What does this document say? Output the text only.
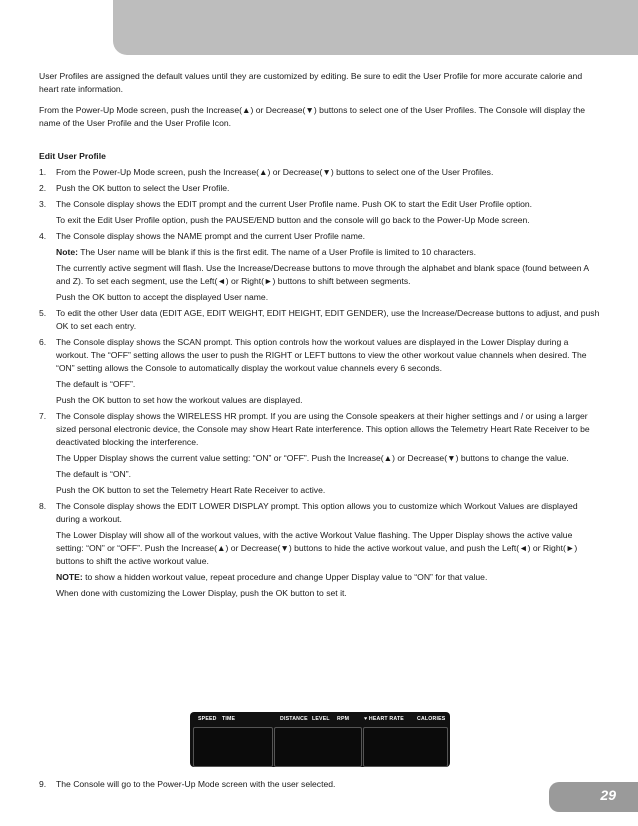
User Profiles are assigned the default values until they are customized by editing. Be sure to edit the User Profile for more accurate calorie and heart rate information.

From the Power-Up Mode screen, push the Increase(▲) or Decrease(▼) buttons to select one of the User Profiles. The Console will display the name of the User Profile and the User Profile Icon.

Edit User Profile
1.	From the Power-Up Mode screen, push the Increase(▲) or Decrease(▼) buttons to select one of the User Profiles.
2.	Push the OK button to select the User Profile.
3.	The Console display shows the EDIT prompt and the current User Profile name. Push OK to start the Edit User Profile option.

To exit the Edit User Profile option, push the PAUSE/END button and the console will go back to the Power-Up Mode screen.

4.	The Console display shows the NAME prompt and the current User Profile name.

Note: The User name will be blank if this is the first edit. The name of a User Profile is limited to 10 characters.

The currently active segment will flash. Use the Increase/Decrease buttons to move through the alphabet and blank space (found between A and Z). To set each segment, use the Left(◄) or Right(►) buttons to shift between segments.

Push the OK button to accept the displayed User name.

5.	To edit the other User data (EDIT AGE, EDIT WEIGHT, EDIT HEIGHT, EDIT GENDER), use the Increase/Decrease buttons to adjust, and push OK to set each entry.
6.	The Console display shows the SCAN prompt. This option controls how the workout values are displayed in the Lower Display during a workout. The “OFF” setting allows the user to push the RIGHT or LEFT buttons to view the other workout value channels when desired. The “ON” setting allows the Console to automatically display the workout value channels every 6 seconds.

The default is “OFF”.

Push the OK button to set how the workout values are displayed.

7.	The Console display shows the WIRELESS HR prompt. If you are using the Console speakers at their higher settings and / or using a larger sized personal electronic device, the Console may show Heart Rate interference. This option allows the Telemetry Heart Rate Receiver to be deactivated blocking the interference.

The Upper Display shows the current value setting: “ON” or “OFF”. Push the Increase(▲) or Decrease(▼) buttons to change the value.

The default is “ON”.

Push the OK button to set the Telemetry Heart Rate Receiver to active.

8.	The Console display shows the EDIT LOWER DISPLAY prompt. This option allows you to customize which Workout Values are displayed during a workout.

The Lower Display will show all of the workout values, with the active Workout Value flashing. The Upper Display shows the active value setting: “ON” or “OFF”. Push the Increase(▲) or Decrease(▼) buttons to hide the active workout value, and push the Left(◄) or Right(►) buttons to shift the active workout value.

NOTE: to show a hidden workout value, repeat procedure and change Upper Display value to “ON” for that value.

When done with customizing the Lower Display, push the OK button to set it.

SPEED TIME	DISTANCE LEVEL RPM	♥ HEART RATE	CALORIES
9.	The Console will go to the Power-Up Mode screen with the user selected.
29
